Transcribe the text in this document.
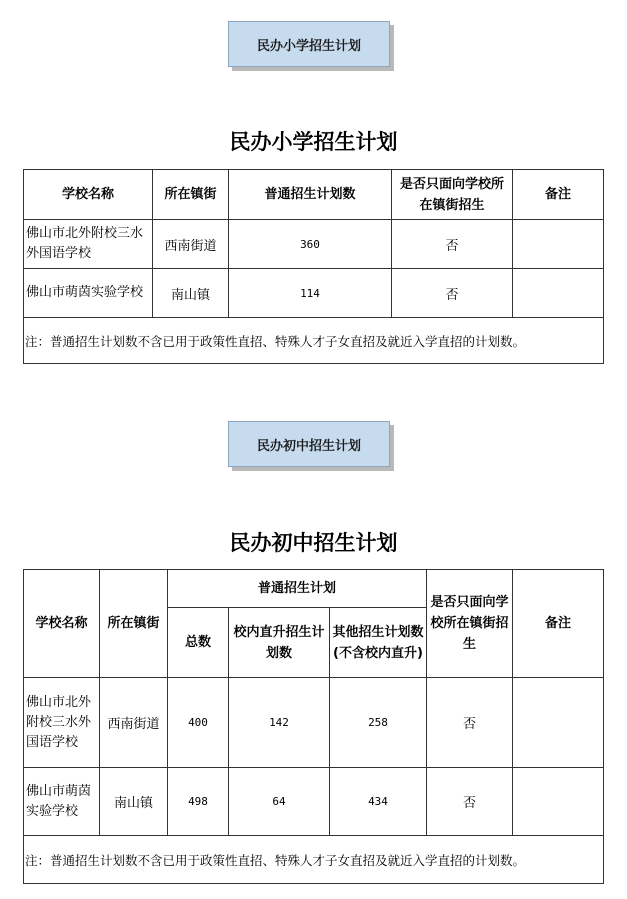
民办小学招生计划
民办小学招生计划
学校名称	所在镇街	普通招生计划数	是否只面向学校所在镇街招生	备注
佛山市北外附校三水外国语学校	西南街道	360	否	
佛山市萌茵实验学校	南山镇	114	否	
注：普通招生计划数不含已用于政策性直招、特殊人才子女直招及就近入学直招的计划数。				
民办初中招生计划
民办初中招生计划
学校名称	所在镇街	普通招生计划			是否只面向学校所在镇街招生	备注
		总数	校内直升招生计划数	其他招生计划数(不含校内直升)		
佛山市北外附校三水外国语学校	西南街道	400	142	258	否	
佛山市萌茵实验学校	南山镇	498	64	434	否	
注：普通招生计划数不含已用于政策性直招、特殊人才子女直招及就近入学直招的计划数。						
